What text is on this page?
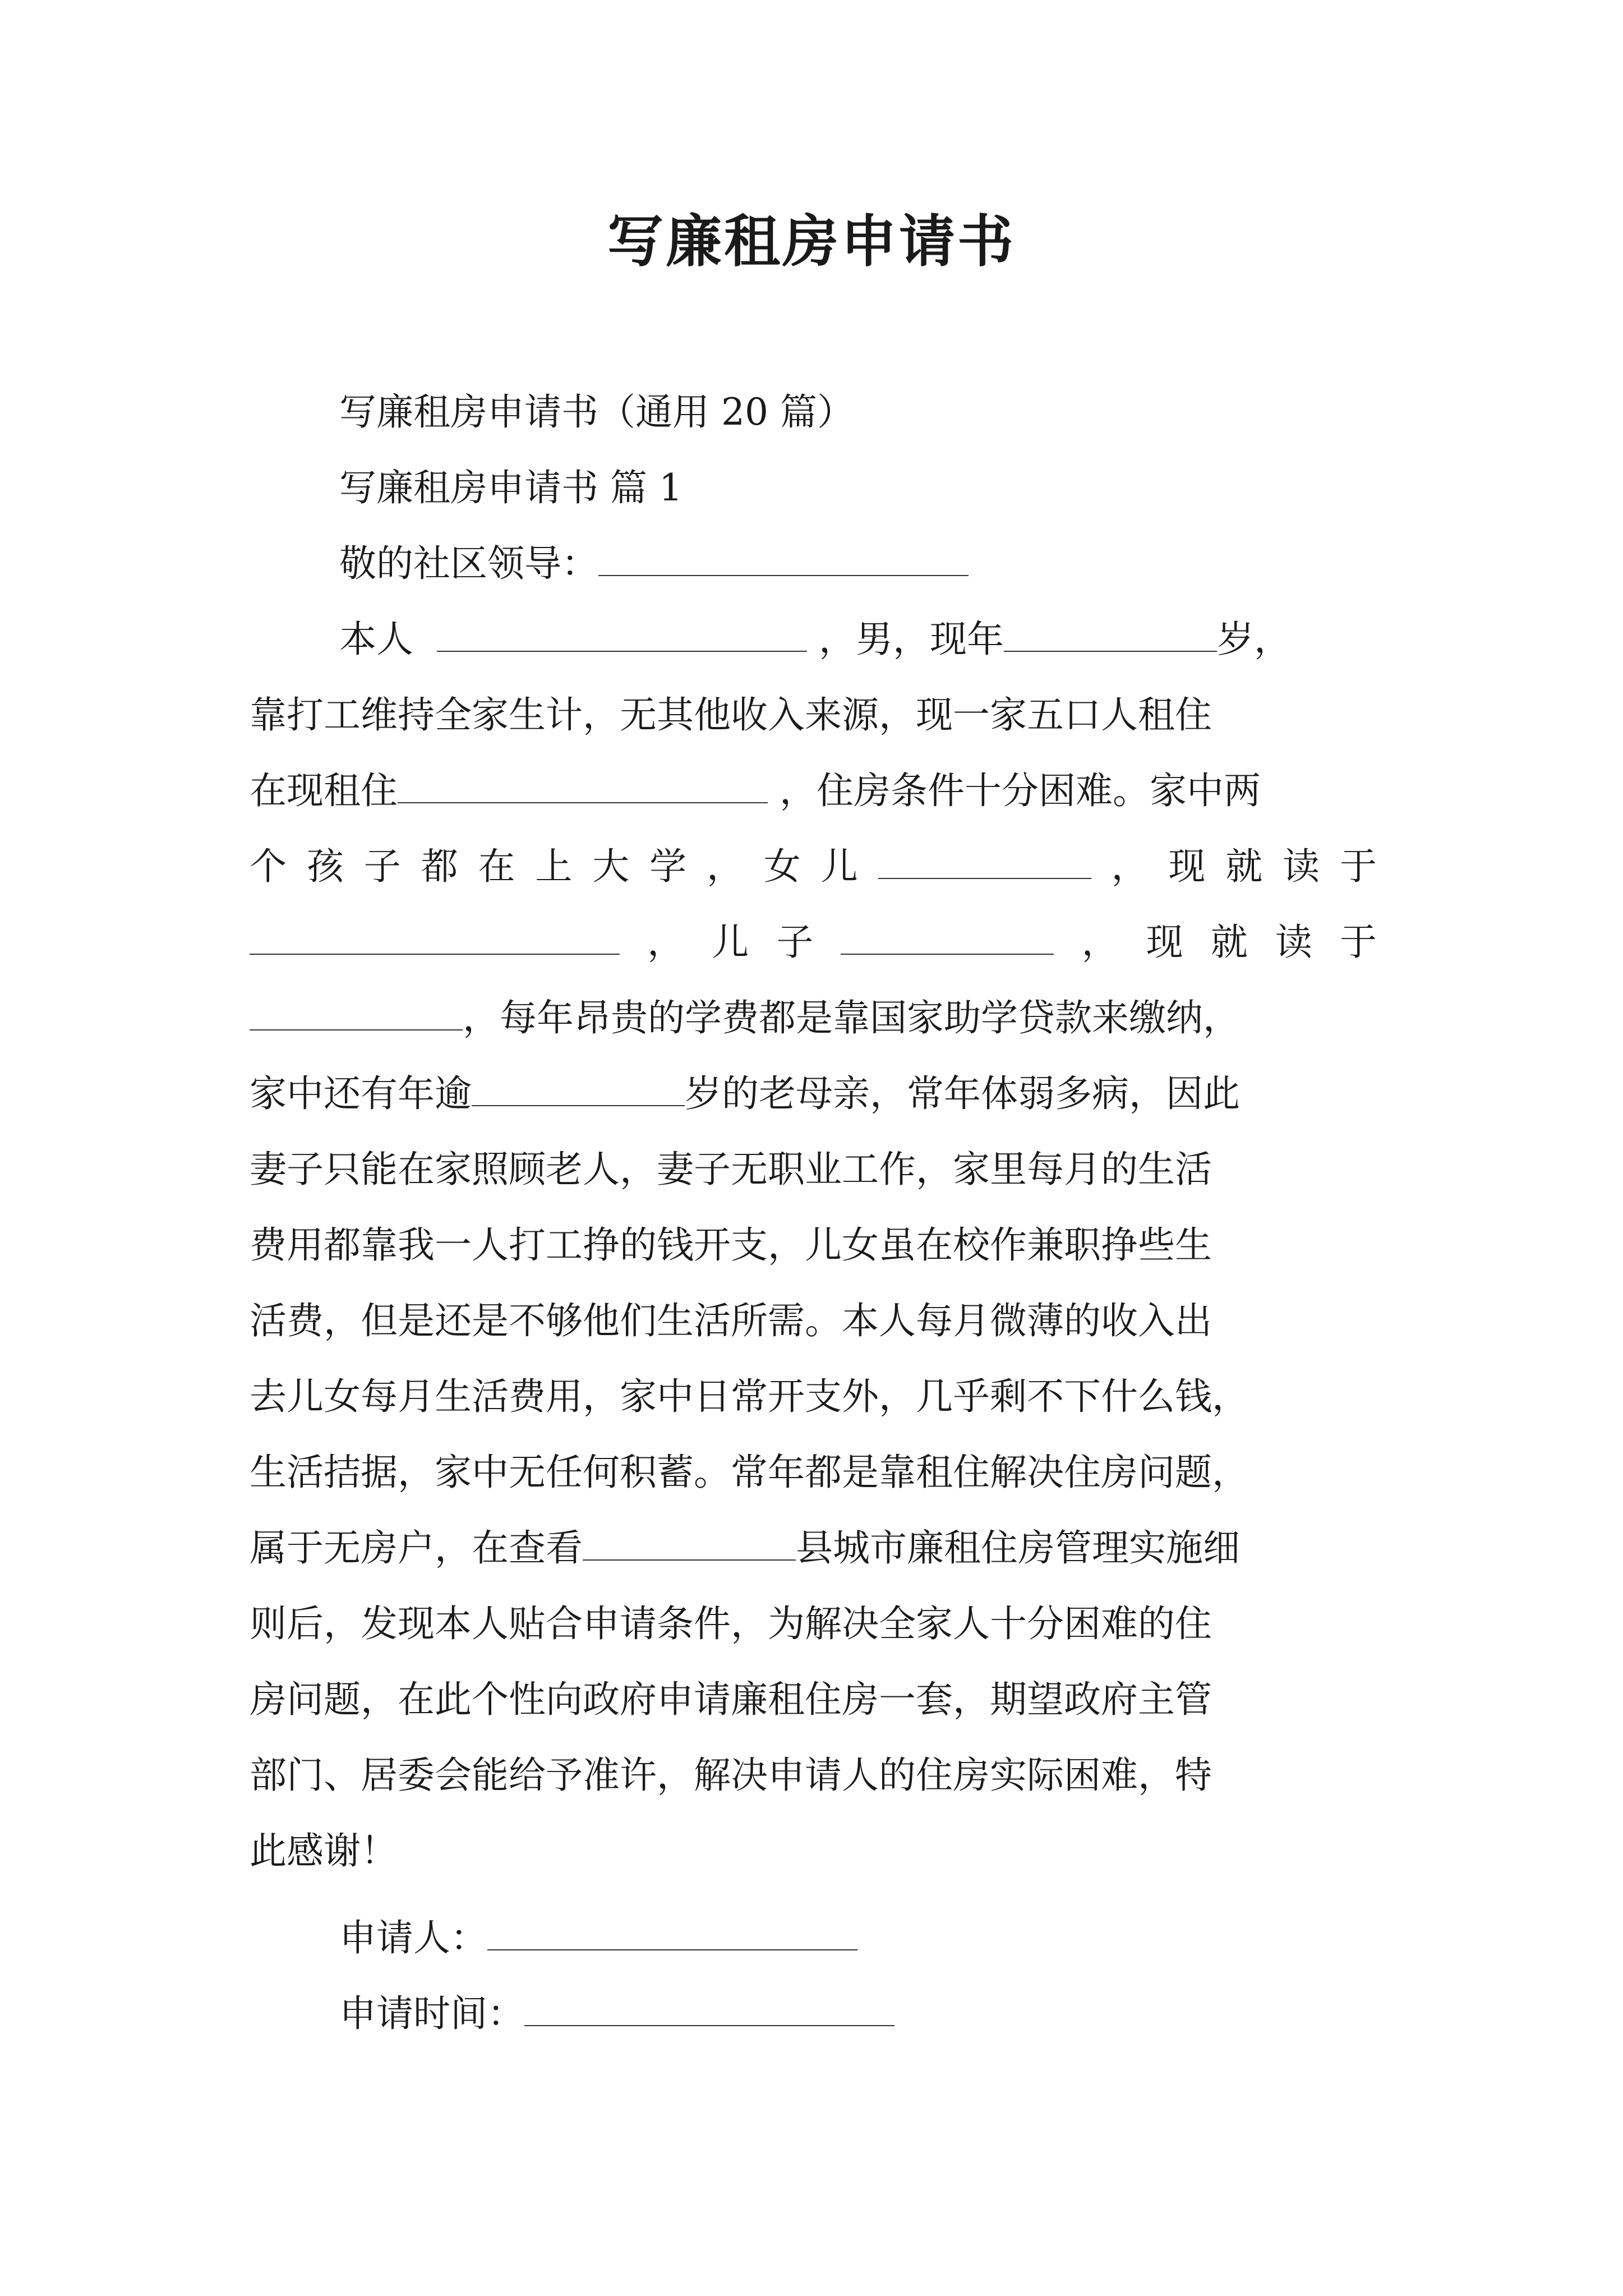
写廉租房申请书
写廉租房申请书（通用 20 篇）
写廉租房申请书 篇 1
敬的社区领导：
本人	，男，现年	岁，
靠打工维持全家生计，无其他收入来源，现一家五口人租住
在现租住	，住房条件十分困难。家中两
个 孩 子 都 在 上 大 学 ， 女 儿	， 现 就 读 于
， 儿 子	， 现 就 读 于
，每年昂贵的学费都是靠国家助学贷款来缴纳，
家中还有年逾	岁的老母亲，常年体弱多病，因此
妻子只能在家照顾老人，妻子无职业工作，家里每月的生活
费用都靠我一人打工挣的钱开支，儿女虽在校作兼职挣些生
活费，但是还是不够他们生活所需。本人每月微薄的收入出
去儿女每月生活费用，家中日常开支外，几乎剩不下什么钱，
生活拮据，家中无任何积蓄。常年都是靠租住解决住房问题，
属于无房户，在查看	县城市廉租住房管理实施细
则后，发现本人贴合申请条件，为解决全家人十分困难的住
房问题，在此个性向政府申请廉租住房一套，期望政府主管
部门、居委会能给予准许，解决申请人的住房实际困难，特
此感谢！
申请人：
申请时间：
